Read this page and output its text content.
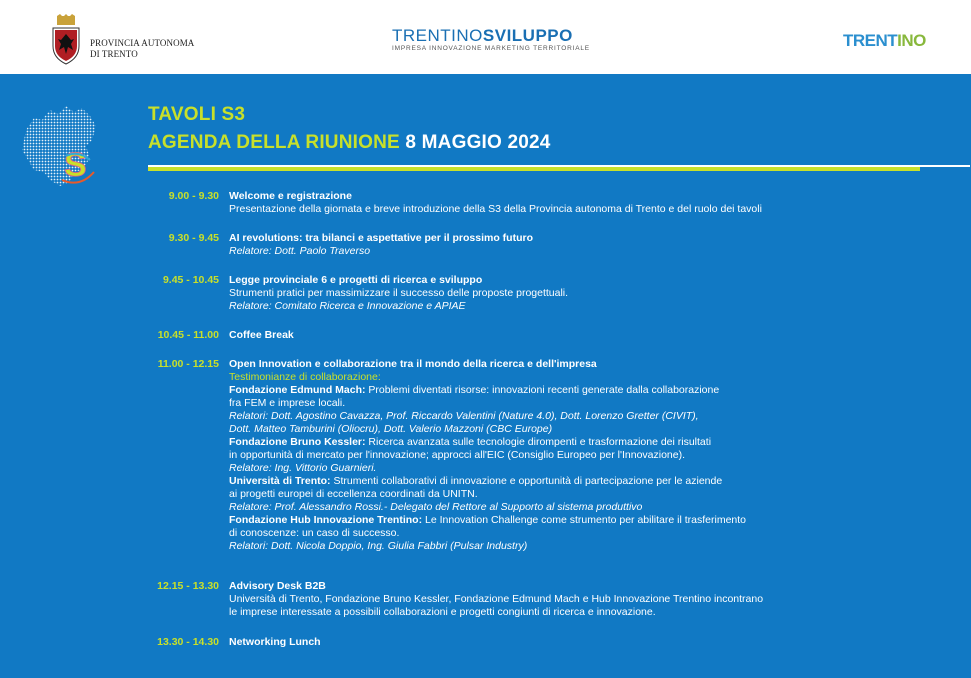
PROVINCIA AUTONOMA
DI TRENTO
TRENTINOSVILUPPO
IMPRESA INNOVAZIONE MARKETING TERRITORIALE	TRENTINO
S
TAVOLI S3
AGENDA DELLA RIUNIONE 8 MAGGIO 2024
9.00 - 9.30 Welcome e registrazione
Presentazione della giornata e breve introduzione della S3 della Provincia autonoma di Trento e del ruolo dei tavoli
9.30 - 9.45 AI revolutions: tra bilanci e aspettative per il prossimo futuro
Relatore: Dott. Paolo Traverso
9.45 - 10.45 Legge provinciale 6 e progetti di ricerca e sviluppo
Strumenti pratici per massimizzare il successo delle proposte progettuali.
Relatore: Comitato Ricerca e Innovazione e APIAE
10.45 - 11.00 Coffee Break
11.00 - 12.15 Open Innovation e collaborazione tra il mondo della ricerca e dell'impresa
Testimonianze di collaborazione:
Fondazione Edmund Mach: Problemi diventati risorse: innovazioni recenti generate dalla collaborazione
fra FEM e imprese locali.
Relatori: Dott. Agostino Cavazza, Prof. Riccardo Valentini (Nature 4.0), Dott. Lorenzo Gretter (CIVIT),
Dott. Matteo Tamburini (Oliocru), Dott. Valerio Mazzoni (CBC Europe)
Fondazione Bruno Kessler: Ricerca avanzata sulle tecnologie dirompenti e trasformazione dei risultati
in opportunità di mercato per l'innovazione; approcci all'EIC (Consiglio Europeo per l'Innovazione).
Relatore: Ing. Vittorio Guarnieri.
Università di Trento: Strumenti collaborativi di innovazione e opportunità di partecipazione per le aziende
ai progetti europei di eccellenza coordinati da UNITN.
Relatore: Prof. Alessandro Rossi.- Delegato del Rettore al Supporto al sistema produttivo
Fondazione Hub Innovazione Trentino: Le Innovation Challenge come strumento per abilitare il trasferimento
di conoscenze: un caso di successo.
Relatori: Dott. Nicola Doppio, Ing. Giulia Fabbri (Pulsar Industry)
12.15 - 13.30 Advisory Desk B2B
Università di Trento, Fondazione Bruno Kessler, Fondazione Edmund Mach e Hub Innovazione Trentino incontrano
le imprese interessate a possibili collaborazioni e progetti congiunti di ricerca e innovazione.
13.30 - 14.30 Networking Lunch
